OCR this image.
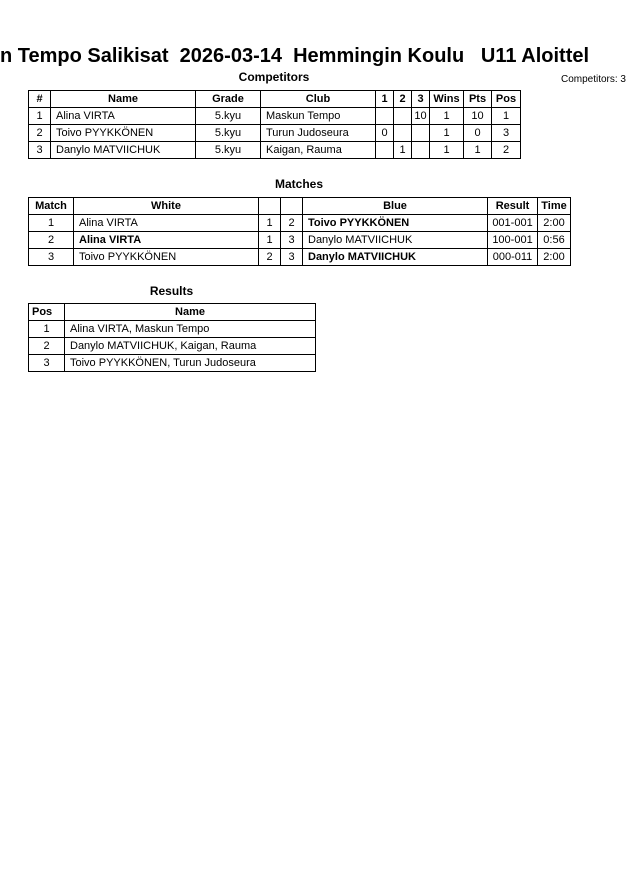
n Tempo Salikisat  2026-03-14  Hemmingin Koulu   U11 Aloittel
Competitors	Competitors: 3
#	Name	Grade	Club	1	2	3	Wins	Pts	Pos
1	Alina VIRTA	5.kyu	Maskun Tempo			10	1	10	1
2	Toivo PYYKKÖNEN	5.kyu	Turun Judoseura	0			1	0	3
3	Danylo MATVIICHUK	5.kyu	Kaigan, Rauma		1		1	1	2
Matches
Match	White			Blue	Result	Time
1	Alina VIRTA	1	2	Toivo PYYKKÖNEN	001-001	2:00
2	Alina VIRTA	1	3	Danylo MATVIICHUK	100-001	0:56
3	Toivo PYYKKÖNEN	2	3	Danylo MATVIICHUK	000-011	2:00
Results
Pos	Name
1	Alina VIRTA, Maskun Tempo
2	Danylo MATVIICHUK, Kaigan, Rauma
3	Toivo PYYKKÖNEN, Turun Judoseura
